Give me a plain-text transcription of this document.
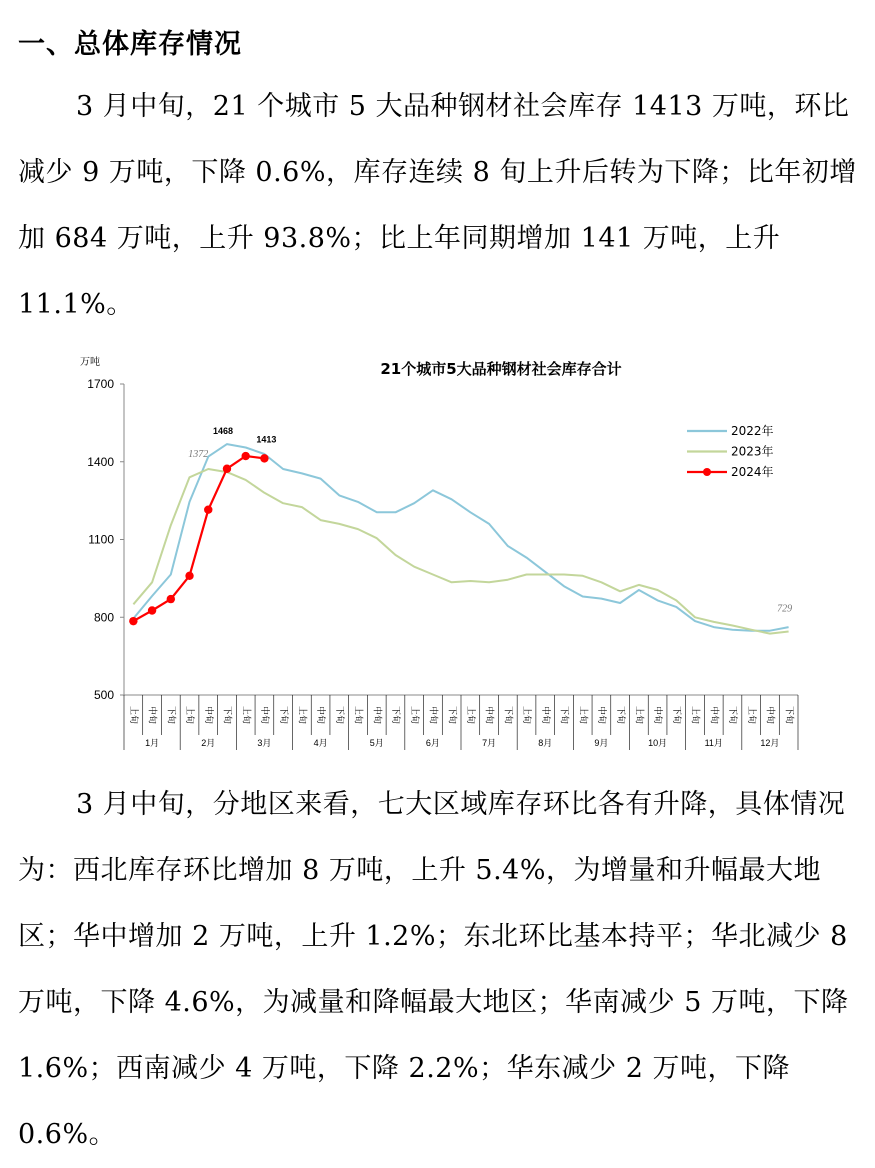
一、总体库存情况
3 月中旬，21 个城市 5 大品种钢材社会库存 1413 万吨，环比减少 9 万吨，下降 0.6%，库存连续 8 旬上升后转为下降；比年初增加 684 万吨，上升 93.8%；比上年同期增加 141 万吨，上升 11.1%。
21个城市5大品种钢材社会库存合计
万吨
500
800
1100
1400
1700
上旬 中旬 下旬 上旬 中旬 下旬 上旬 中旬 下旬 上旬 中旬 下旬 上旬 中旬 下旬 上旬 中旬 下旬 上旬 中旬 下旬 上旬 中旬 下旬 上旬 中旬 下旬 上旬 中旬 下旬 上旬 中旬 下旬 上旬 中旬 下旬
1月	2月	3月	4月	5月	6月	7月	8月	9月	10月	11月	12月
1468
1372
1413
729
2022年
2023年
2024年
3 月中旬，分地区来看，七大区域库存环比各有升降，具体情况为：西北库存环比增加 8 万吨，上升 5.4%，为增量和升幅最大地区；华中增加 2 万吨，上升 1.2%；东北环比基本持平；华北减少 8 万吨，下降 4.6%，为减量和降幅最大地区；华南减少 5 万吨，下降 1.6%；西南减少 4 万吨，下降 2.2%；华东减少 2 万吨，下降 0.6%。
